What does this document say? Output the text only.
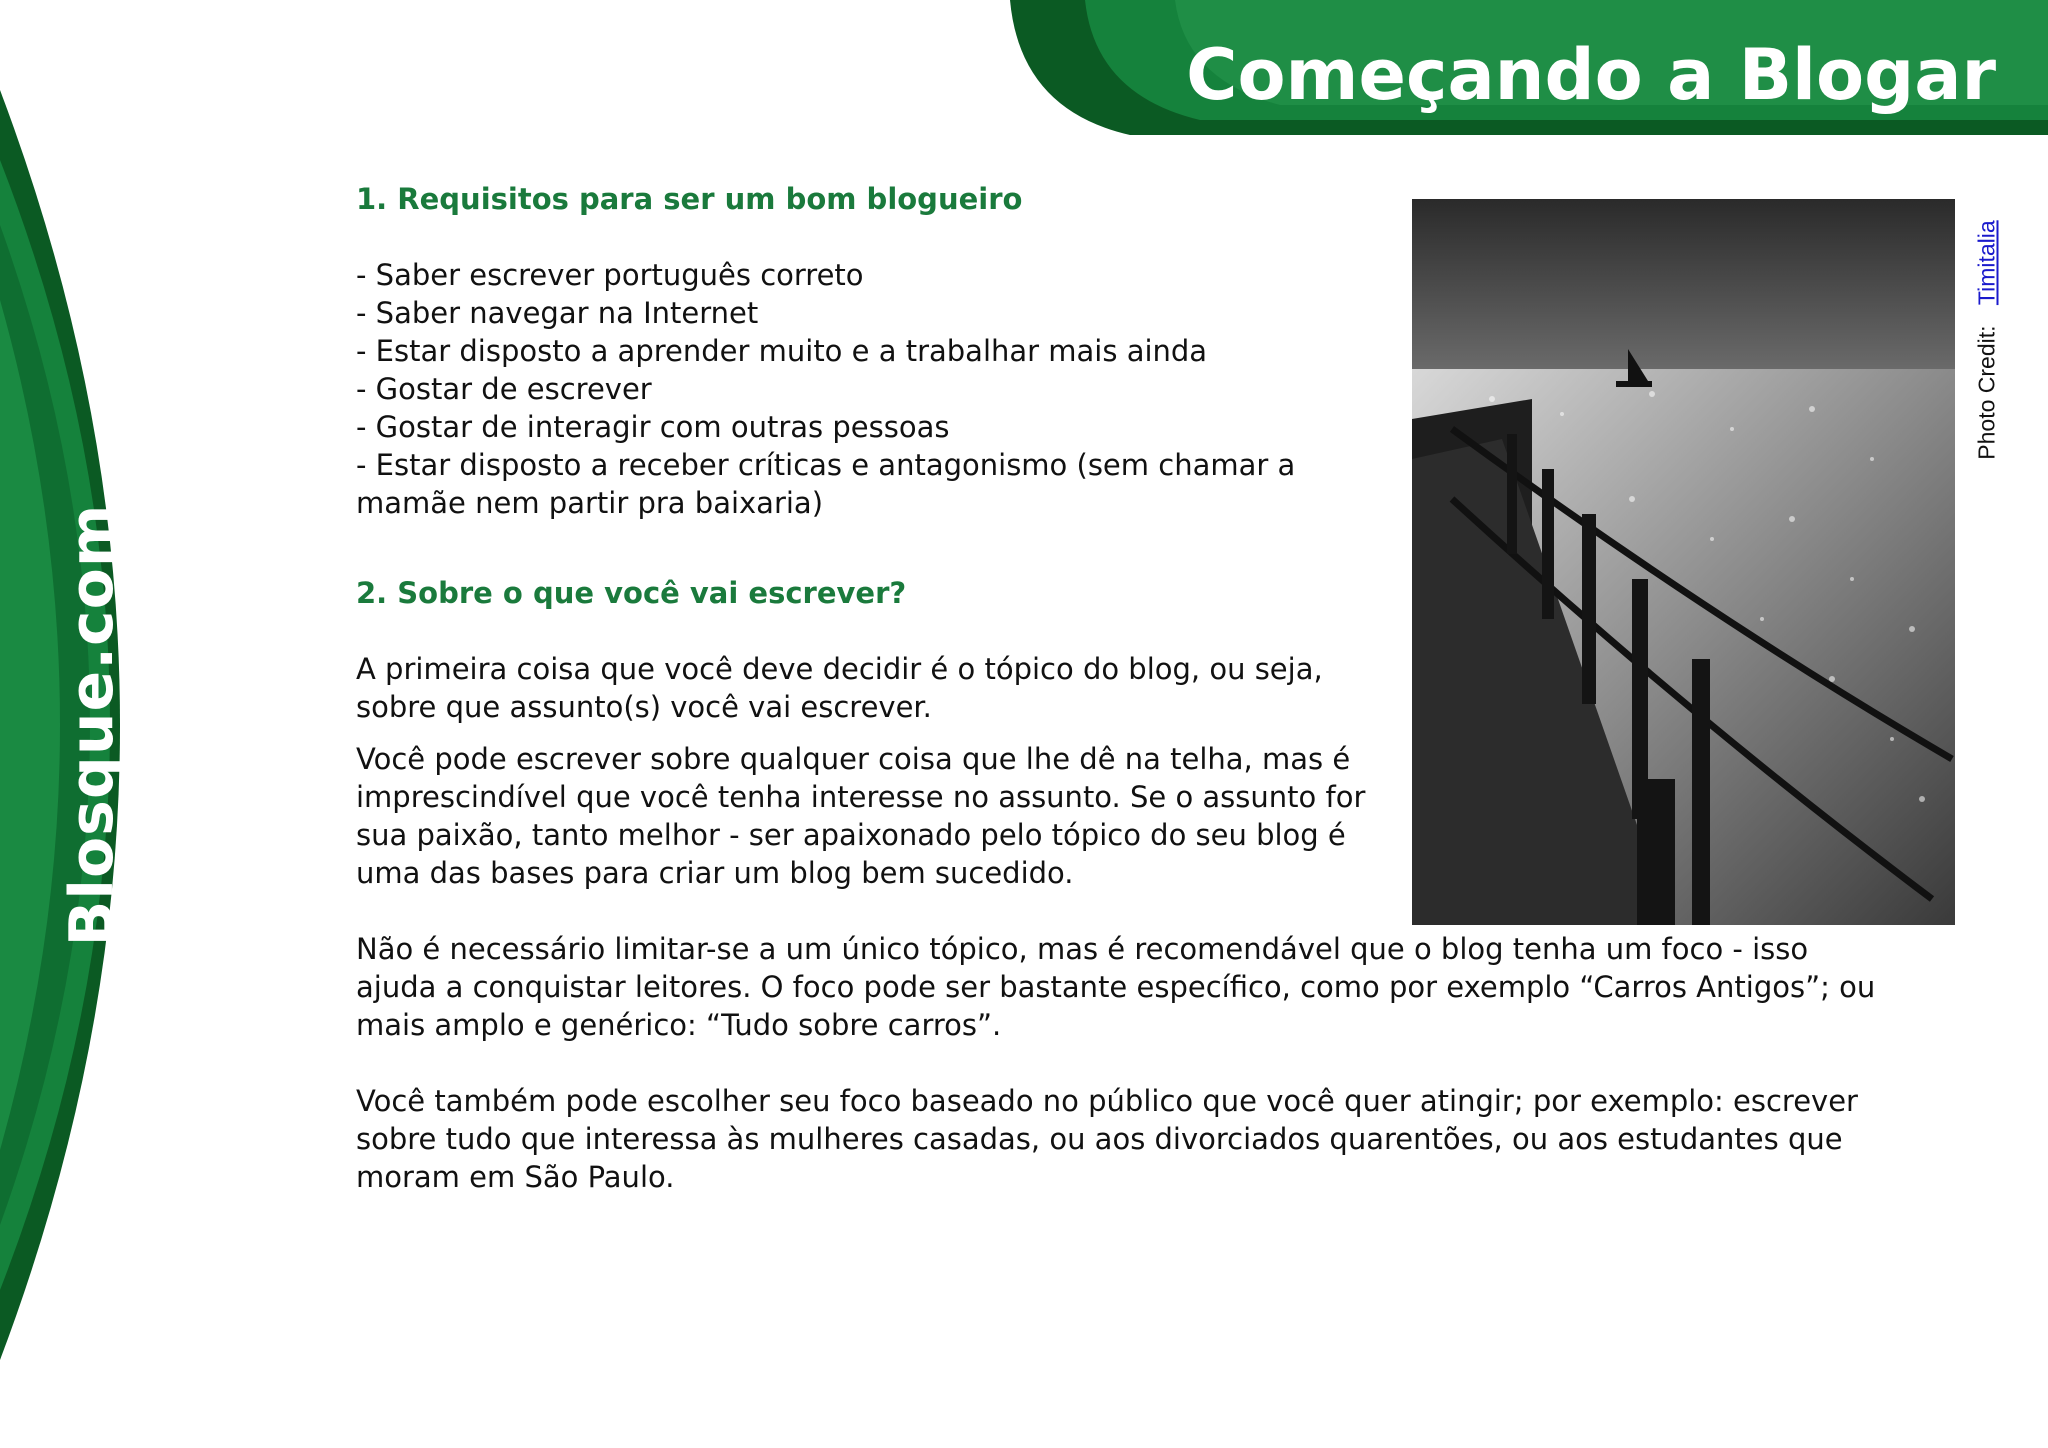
Blosque.com
Começando a Blogar

1. Requisitos para ser um bom blogueiro

- Saber escrever português correto
- Saber navegar na Internet
- Estar disposto a aprender muito e a trabalhar mais ainda
- Gostar de escrever
- Gostar de interagir com outras pessoas
- Estar disposto a receber críticas e antagonismo (sem chamar a mamãe nem partir pra baixaria)

2. Sobre o que você vai escrever?

A primeira coisa que você deve decidir é o tópico do blog, ou seja, sobre que assunto(s) você vai escrever.

Você pode escrever sobre qualquer coisa que lhe dê na telha, mas é imprescindível que você tenha interesse no assunto. Se o assunto for sua paixão, tanto melhor - ser apaixonado pelo tópico do seu blog é uma das bases para criar um blog bem sucedido.

Não é necessário limitar-se a um único tópico, mas é recomendável que o blog tenha um foco - isso ajuda a conquistar leitores. O foco pode ser bastante específico, como por exemplo “Carros Antigos”; ou mais amplo e genérico: “Tudo sobre carros”.

Você também pode escolher seu foco baseado no público que você quer atingir; por exemplo: escrever sobre tudo que interessa às mulheres casadas, ou aos divorciados quarentões, ou aos estudantes que moram em São Paulo.

Photo Credit: Timitalia
